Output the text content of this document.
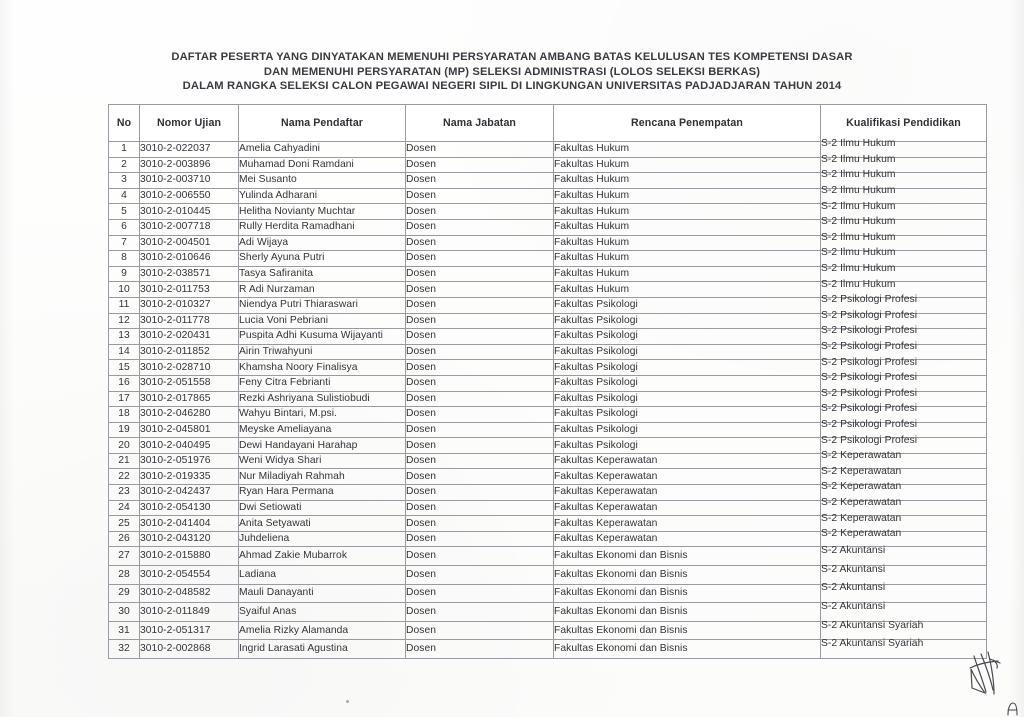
DAFTAR PESERTA YANG DINYATAKAN MEMENUHI PERSYARATAN AMBANG BATAS KELULUSAN TES KOMPETENSI DASAR
DAN MEMENUHI PERSYARATAN (MP) SELEKSI ADMINISTRASI (LOLOS SELEKSI BERKAS)
DALAM RANGKA SELEKSI CALON PEGAWAI NEGERI SIPIL DI LINGKUNGAN UNIVERSITAS PADJADJARAN TAHUN 2014
No	Nomor Ujian	Nama Pendaftar	Nama Jabatan	Rencana Penempatan	Kualifikasi Pendidikan
1	3010-2-022037	Amelia Cahyadini	Dosen	Fakultas Hukum	S-2 Ilmu Hukum
2	3010-2-003896	Muhamad Doni Ramdani	Dosen	Fakultas Hukum	S-2 Ilmu Hukum
3	3010-2-003710	Mei Susanto	Dosen	Fakultas Hukum	S-2 Ilmu Hukum
4	3010-2-006550	Yulinda Adharani	Dosen	Fakultas Hukum	S-2 Ilmu Hukum
5	3010-2-010445	Helitha Novianty Muchtar	Dosen	Fakultas Hukum	S-2 Ilmu Hukum
6	3010-2-007718	Rully Herdita Ramadhani	Dosen	Fakultas Hukum	S-2 Ilmu Hukum
7	3010-2-004501	Adi Wijaya	Dosen	Fakultas Hukum	S-2 Ilmu Hukum
8	3010-2-010646	Sherly Ayuna Putri	Dosen	Fakultas Hukum	S-2 Ilmu Hukum
9	3010-2-038571	Tasya Safiranita	Dosen	Fakultas Hukum	S-2 Ilmu Hukum
10	3010-2-011753	R Adi Nurzaman	Dosen	Fakultas Hukum	S-2 Ilmu Hukum
11	3010-2-010327	Niendya Putri Thiaraswari	Dosen	Fakultas Psikologi	S-2 Psikologi Profesi
12	3010-2-011778	Lucia Voni Pebriani	Dosen	Fakultas Psikologi	S-2 Psikologi Profesi
13	3010-2-020431	Puspita Adhi Kusuma Wijayanti	Dosen	Fakultas Psikologi	S-2 Psikologi Profesi
14	3010-2-011852	Airin Triwahyuni	Dosen	Fakultas Psikologi	S-2 Psikologi Profesi
15	3010-2-028710	Khamsha Noory Finalisya	Dosen	Fakultas Psikologi	S-2 Psikologi Profesi
16	3010-2-051558	Feny Citra Febrianti	Dosen	Fakultas Psikologi	S-2 Psikologi Profesi
17	3010-2-017865	Rezki Ashriyana Sulistiobudi	Dosen	Fakultas Psikologi	S-2 Psikologi Profesi
18	3010-2-046280	Wahyu Bintari, M.psi.	Dosen	Fakultas Psikologi	S-2 Psikologi Profesi
19	3010-2-045801	Meyske Ameliayana	Dosen	Fakultas Psikologi	S-2 Psikologi Profesi
20	3010-2-040495	Dewi Handayani Harahap	Dosen	Fakultas Psikologi	S-2 Psikologi Profesi
21	3010-2-051976	Weni Widya Shari	Dosen	Fakultas Keperawatan	S-2 Keperawatan
22	3010-2-019335	Nur Miladiyah Rahmah	Dosen	Fakultas Keperawatan	S-2 Keperawatan
23	3010-2-042437	Ryan Hara Permana	Dosen	Fakultas Keperawatan	S-2 Keperawatan
24	3010-2-054130	Dwi Setiowati	Dosen	Fakultas Keperawatan	S-2 Keperawatan
25	3010-2-041404	Anita Setyawati	Dosen	Fakultas Keperawatan	S-2 Keperawatan
26	3010-2-043120	Juhdeliena	Dosen	Fakultas Keperawatan	S-2 Keperawatan
27	3010-2-015880	Ahmad Zakie Mubarrok	Dosen	Fakultas Ekonomi dan Bisnis	S-2 Akuntansi
28	3010-2-054554	Ladiana	Dosen	Fakultas Ekonomi dan Bisnis	S-2 Akuntansi
29	3010-2-048582	Mauli Danayanti	Dosen	Fakultas Ekonomi dan Bisnis	S-2 Akuntansi
30	3010-2-011849	Syaiful Anas	Dosen	Fakultas Ekonomi dan Bisnis	S-2 Akuntansi
31	3010-2-051317	Amelia Rizky Alamanda	Dosen	Fakultas Ekonomi dan Bisnis	S-2 Akuntansi Syariah
32	3010-2-002868	Ingrid Larasati Agustina	Dosen	Fakultas Ekonomi dan Bisnis	S-2 Akuntansi Syariah
